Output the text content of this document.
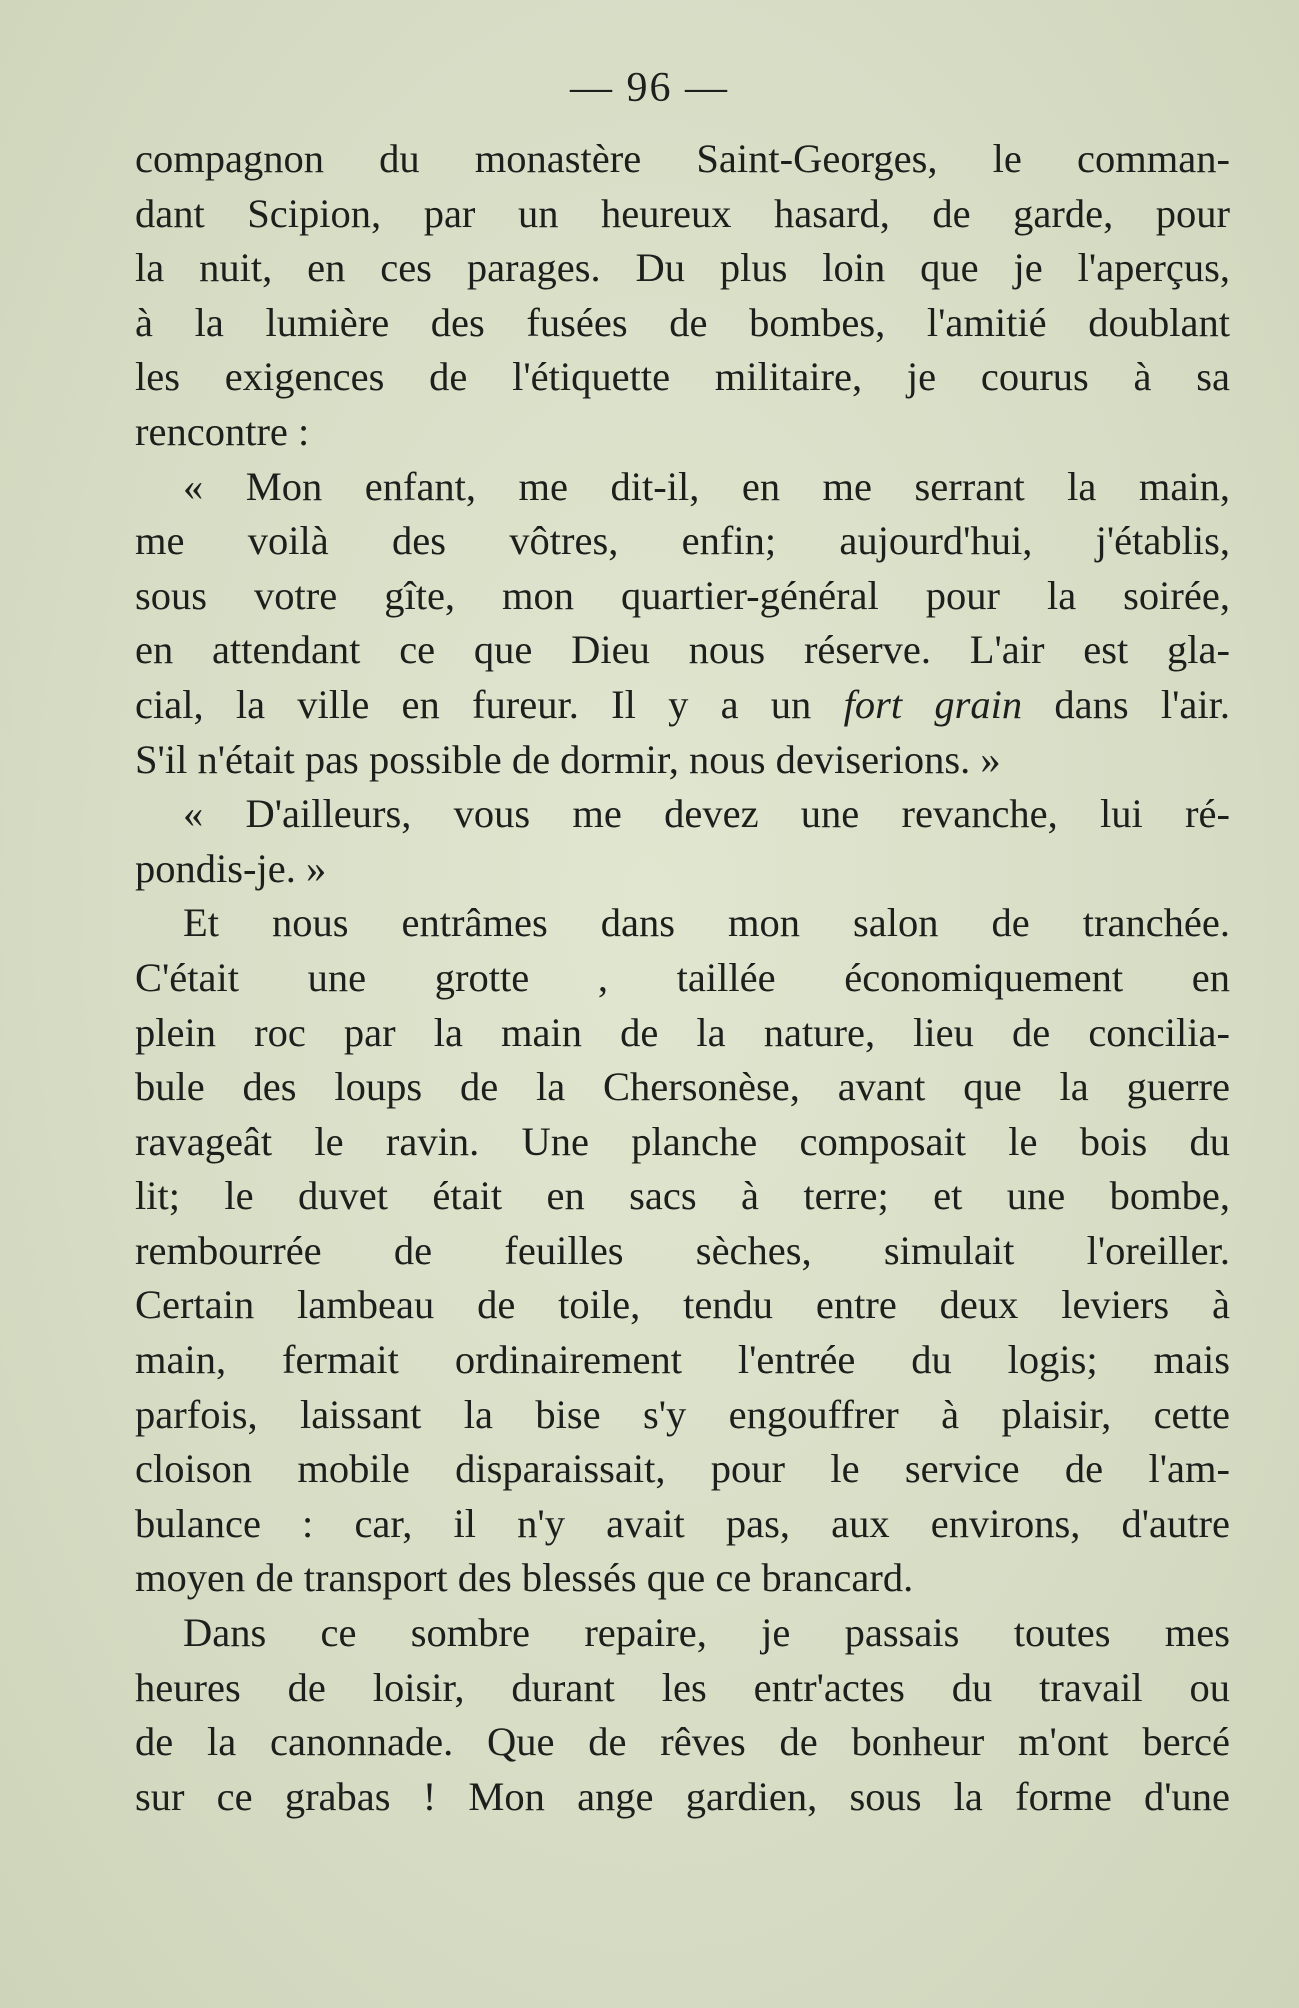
— 96 —
compagnon du monastère Saint-Georges, le comman-
dant Scipion, par un heureux hasard, de garde, pour
la nuit, en ces parages. Du plus loin que je l'aperçus,
à la lumière des fusées de bombes, l'amitié doublant
les exigences de l'étiquette militaire, je courus à sa
rencontre :
« Mon enfant, me dit-il, en me serrant la main,
me voilà des vôtres, enfin; aujourd'hui, j'établis,
sous votre gîte, mon quartier-général pour la soirée,
en attendant ce que Dieu nous réserve. L'air est gla-
cial, la ville en fureur. Il y a un fort grain dans l'air.
S'il n'était pas possible de dormir, nous deviserions. »
« D'ailleurs, vous me devez une revanche, lui ré-
pondis-je. »
Et nous entrâmes dans mon salon de tranchée.
C'était une grotte , taillée économiquement en
plein roc par la main de la nature, lieu de concilia-
bule des loups de la Chersonèse, avant que la guerre
ravageât le ravin. Une planche composait le bois du
lit; le duvet était en sacs à terre; et une bombe,
rembourrée de feuilles sèches, simulait l'oreiller.
Certain lambeau de toile, tendu entre deux leviers à
main, fermait ordinairement l'entrée du logis; mais
parfois, laissant la bise s'y engouffrer à plaisir, cette
cloison mobile disparaissait, pour le service de l'am-
bulance : car, il n'y avait pas, aux environs, d'autre
moyen de transport des blessés que ce brancard.
Dans ce sombre repaire, je passais toutes mes
heures de loisir, durant les entr'actes du travail ou
de la canonnade. Que de rêves de bonheur m'ont bercé
sur ce grabas ! Mon ange gardien, sous la forme d'une
